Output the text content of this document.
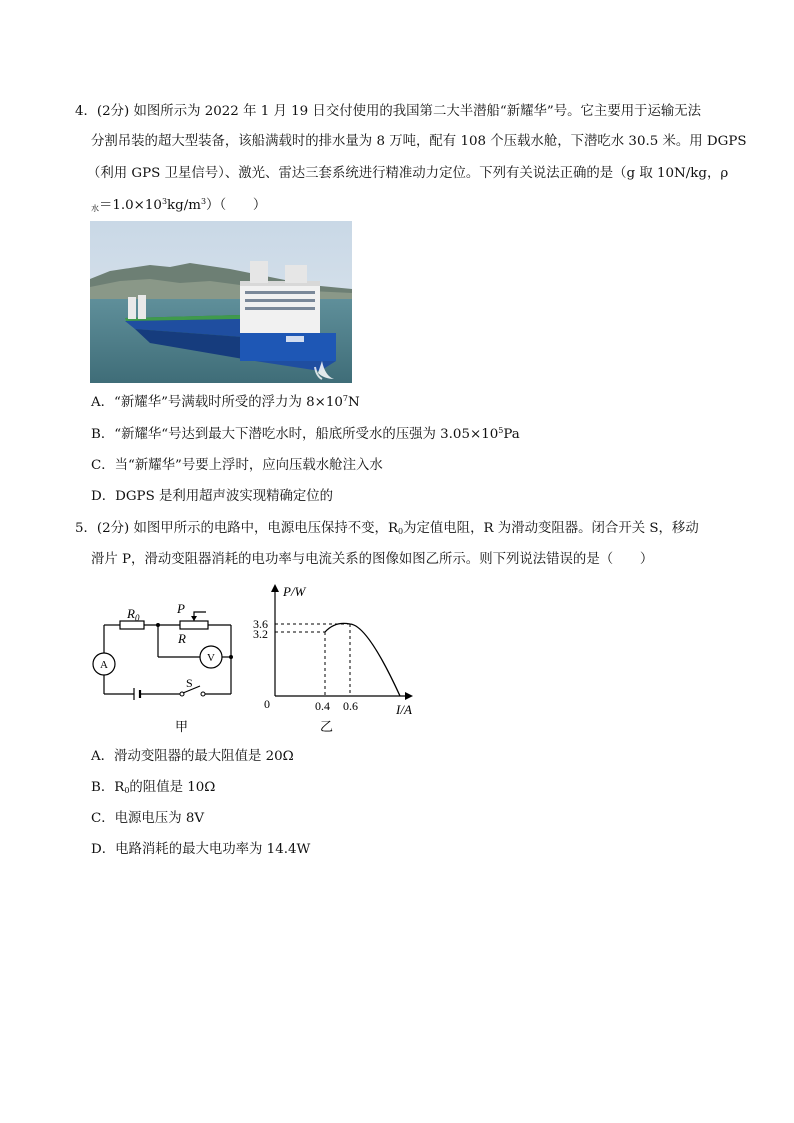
4．(2分) 如图所示为 2022 年 1 月 19 日交付使用的我国第二大半潜船“新耀华”号。它主要用于运输无法
分割吊装的超大型装备，该船满载时的排水量为 8 万吨，配有 108 个压载水舱，下潜吃水 30.5 米。用 DGPS
（利用 GPS 卫星信号）、激光、雷达三套系统进行精准动力定位。下列有关说法正确的是（g 取 10N/kg，ρ
$_水=1.0\times 10^3kg/m^3$）（　　）
A．“新耀华”号满载时所受的浮力为 $8\times 10^7N$
B．“新耀华“号达到最大下潜吃水时，船底所受水的压强为 $3.05\times 10^5Pa$
C．当“新耀华”号要上浮时，应向压载水舱注入水
D．DGPS 是利用超声波实现精确定位的
5．(2分) 如图甲所示的电路中，电源电压保持不变，$R_0$为定值电阻，R 为滑动变阻器。闭合开关 S，移动
滑片 P，滑动变阻器消耗的电功率与电流关系的图像如图乙所示。则下列说法错误的是（　　）
A
V
$R_0$
P
R
S
甲
P/W
I/A
0
3.6
3.2
0.4 0.6
乙
A．滑动变阻器的最大阻值是 20Ω
B．$R_0$的阻值是 10Ω
C．电源电压为 8V
D．电路消耗的最大电功率为 14.4W
